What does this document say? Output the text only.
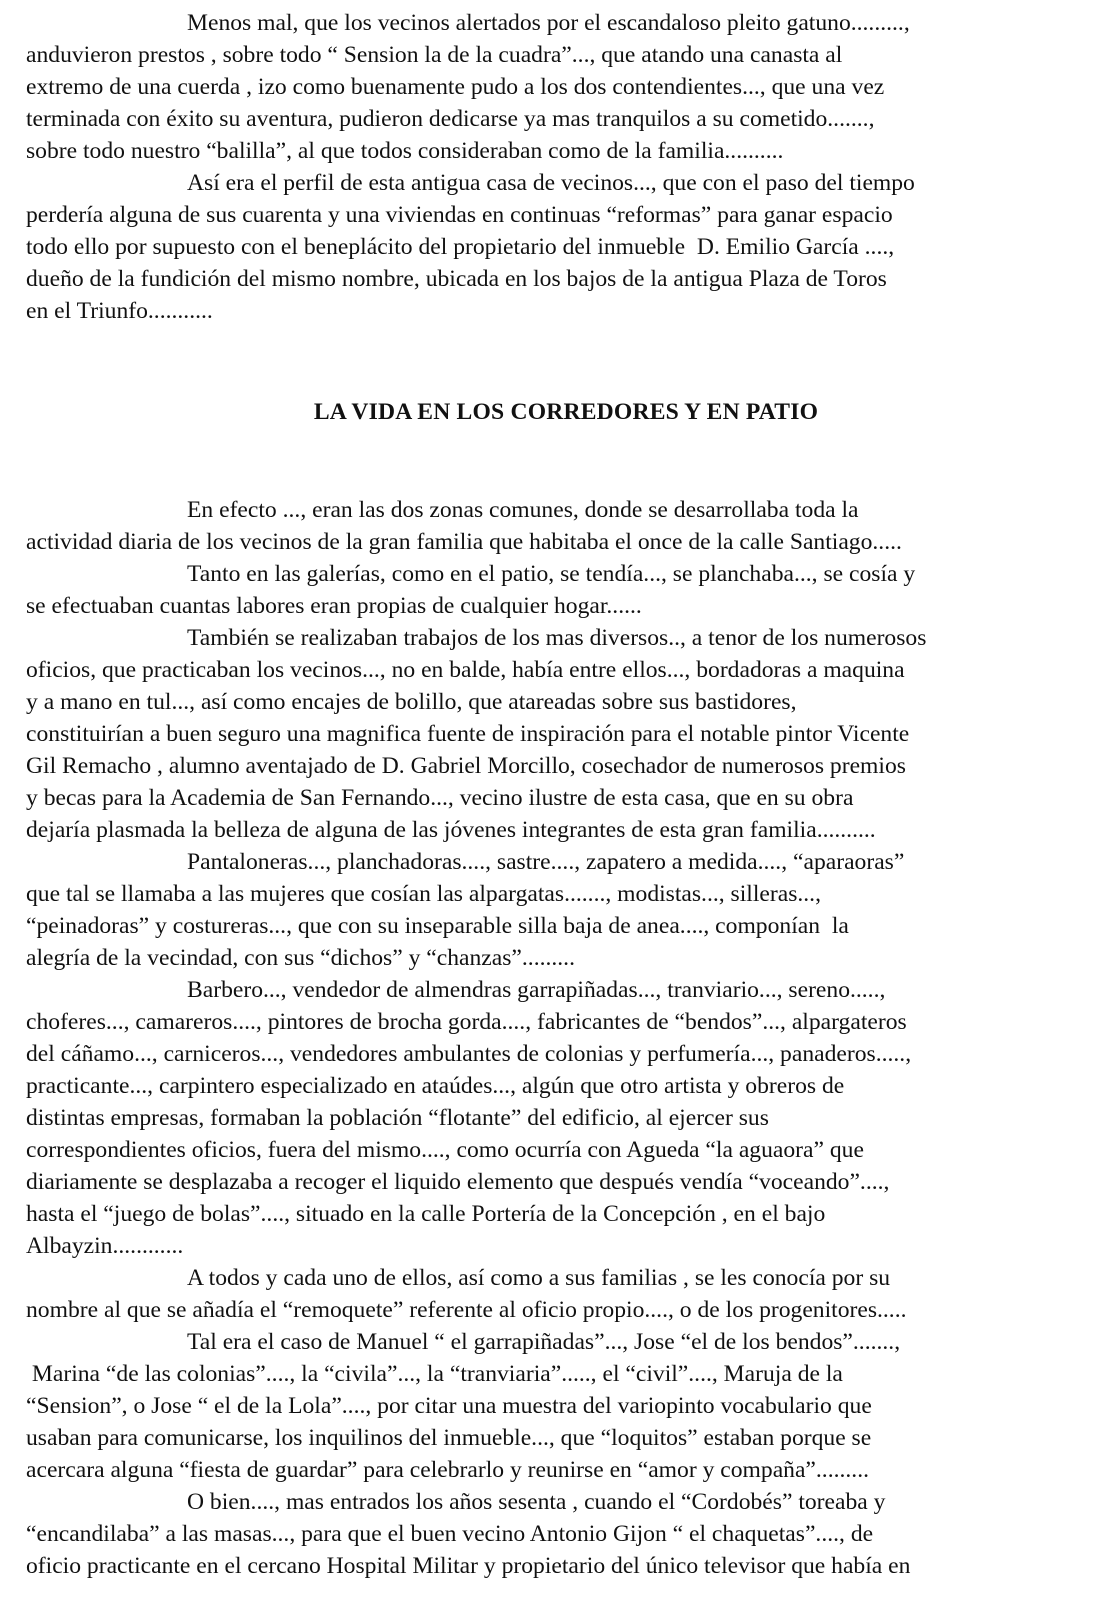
Menos mal, que los vecinos alertados por el escandaloso pleito gatuno.........,
anduvieron prestos , sobre todo “ Sension la de la cuadra”..., que atando una canasta al
extremo de una cuerda , izo como buenamente pudo a los dos contendientes..., que una vez
terminada con éxito su aventura, pudieron dedicarse ya mas tranquilos a su cometido.......,
sobre todo nuestro “balilla”, al que todos consideraban como de la familia..........
Así era el perfil de esta antigua casa de vecinos..., que con el paso del tiempo
perdería alguna de sus cuarenta y una viviendas en continuas “reformas” para ganar espacio
todo ello por supuesto con el beneplácito del propietario del inmueble  D. Emilio García ....,
dueño de la fundición del mismo nombre, ubicada en los bajos de la antigua Plaza de Toros
en el Triunfo...........
LA VIDA EN LOS CORREDORES Y EN PATIO
En efecto ..., eran las dos zonas comunes, donde se desarrollaba toda la
actividad diaria de los vecinos de la gran familia que habitaba el once de la calle Santiago.....
Tanto en las galerías, como en el patio, se tendía..., se planchaba..., se cosía y
se efectuaban cuantas labores eran propias de cualquier hogar......
También se realizaban trabajos de los mas diversos.., a tenor de los numerosos
oficios, que practicaban los vecinos..., no en balde, había entre ellos..., bordadoras a maquina
y a mano en tul..., así como encajes de bolillo, que atareadas sobre sus bastidores,
constituirían a buen seguro una magnifica fuente de inspiración para el notable pintor Vicente
Gil Remacho , alumno aventajado de D. Gabriel Morcillo, cosechador de numerosos premios
y becas para la Academia de San Fernando..., vecino ilustre de esta casa, que en su obra
dejaría plasmada la belleza de alguna de las jóvenes integrantes de esta gran familia..........
Pantaloneras..., planchadoras...., sastre...., zapatero a medida...., “aparaoras”
que tal se llamaba a las mujeres que cosían las alpargatas......., modistas..., silleras...,
“peinadoras” y costureras..., que con su inseparable silla baja de anea...., componían  la
alegría de la vecindad, con sus “dichos” y “chanzas”.........
Barbero..., vendedor de almendras garrapiñadas..., tranviario..., sereno.....,
choferes..., camareros...., pintores de brocha gorda...., fabricantes de “bendos”..., alpargateros
del cáñamo..., carniceros..., vendedores ambulantes de colonias y perfumería..., panaderos.....,
practicante..., carpintero especializado en ataúdes..., algún que otro artista y obreros de
distintas empresas, formaban la población “flotante” del edificio, al ejercer sus
correspondientes oficios, fuera del mismo...., como ocurría con Agueda “la aguaora” que
diariamente se desplazaba a recoger el liquido elemento que después vendía “voceando”....,
hasta el “juego de bolas”...., situado en la calle Portería de la Concepción , en el bajo
Albayzin............
A todos y cada uno de ellos, así como a sus familias , se les conocía por su
nombre al que se añadía el “remoquete” referente al oficio propio...., o de los progenitores.....
Tal era el caso de Manuel “ el garrapiñadas”..., Jose “el de los bendos”.......,
Marina “de las colonias”...., la “civila”..., la “tranviaria”....., el “civil”...., Maruja de la
“Sension”, o Jose “ el de la Lola”...., por citar una muestra del variopinto vocabulario que
usaban para comunicarse, los inquilinos del inmueble..., que “loquitos” estaban porque se
acercara alguna “fiesta de guardar” para celebrarlo y reunirse en “amor y compaña”.........
O bien...., mas entrados los años sesenta , cuando el “Cordobés” toreaba y
“encandilaba” a las masas..., para que el buen vecino Antonio Gijon “ el chaquetas”...., de
oficio practicante en el cercano Hospital Militar y propietario del único televisor que había en
